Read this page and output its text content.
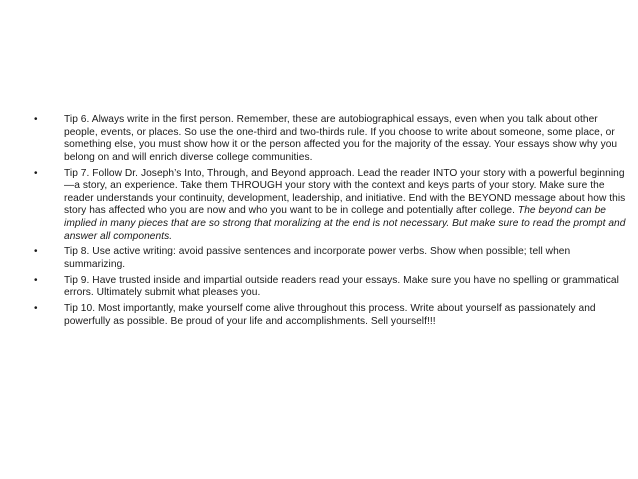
•	Tip 6. Always write in the first person. Remember, these are autobiographical essays, even when you talk about other people, events, or places. So use the one-third and two-thirds rule. If you choose to write about someone, some place, or something else, you must show how it or the person affected you for the majority of the essay. Your essays show why you belong on and will enrich diverse college communities.
•	Tip 7. Follow Dr. Joseph’s Into, Through, and Beyond approach. Lead the reader INTO your story with a powerful beginning—a story, an experience. Take them THROUGH your story with the context and keys parts of your story. Make sure the reader understands your continuity, development, leadership, and initiative. End with the BEYOND message about how this story has affected who you are now and who you want to be in college and potentially after college. The beyond can be implied in many pieces that are so strong that moralizing at the end is not necessary. But make sure to read the prompt and answer all components.
•	Tip 8. Use active writing: avoid passive sentences and incorporate power verbs. Show when possible; tell when summarizing.
•	Tip 9. Have trusted inside and impartial outside readers read your essays. Make sure you have no spelling or grammatical errors. Ultimately submit what pleases you.
•	Tip 10. Most importantly, make yourself come alive throughout this process. Write about yourself as passionately and powerfully as possible. Be proud of your life and accomplishments. Sell yourself!!!
